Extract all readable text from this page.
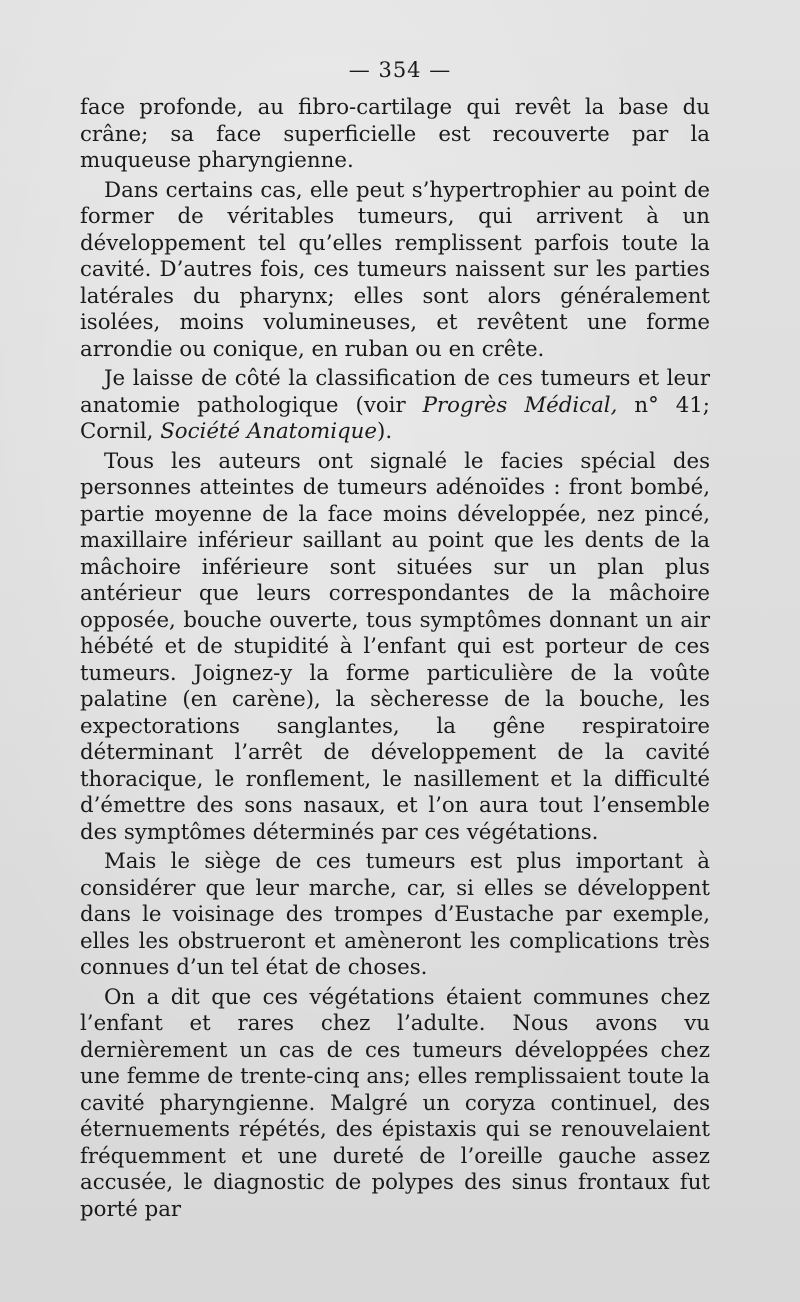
— 354 —

face profonde, au fibro-cartilage qui revêt la base du crâne; sa face superficielle est recouverte par la muqueuse pharyngienne.

Dans certains cas, elle peut s’hypertrophier au point de former de véritables tumeurs, qui arrivent à un développement tel qu’elles remplissent parfois toute la cavité. D’autres fois, ces tumeurs naissent sur les parties latérales du pharynx; elles sont alors généralement isolées, moins volumineuses, et revêtent une forme arrondie ou conique, en ruban ou en crête.

Je laisse de côté la classification de ces tumeurs et leur anatomie pathologique (voir Progrès Médical, n° 41; Cornil, Société Anatomique).

Tous les auteurs ont signalé le facies spécial des personnes atteintes de tumeurs adénoïdes : front bombé, partie moyenne de la face moins développée, nez pincé, maxillaire inférieur saillant au point que les dents de la mâchoire inférieure sont situées sur un plan plus antérieur que leurs correspondantes de la mâchoire opposée, bouche ouverte, tous symptômes donnant un air hébété et de stupidité à l’enfant qui est porteur de ces tumeurs. Joignez-y la forme particulière de la voûte palatine (en carène), la sècheresse de la bouche, les expectorations sanglantes, la gêne respiratoire déterminant l’arrêt de développement de la cavité thoracique, le ronflement, le nasillement et la difficulté d’émettre des sons nasaux, et l’on aura tout l’ensemble des symptômes déterminés par ces végétations.

Mais le siège de ces tumeurs est plus important à considérer que leur marche, car, si elles se développent dans le voisinage des trompes d’Eustache par exemple, elles les obstrueront et amèneront les complications très connues d’un tel état de choses.

On a dit que ces végétations étaient communes chez l’enfant et rares chez l’adulte. Nous avons vu dernièrement un cas de ces tumeurs développées chez une femme de trente-cinq ans; elles remplissaient toute la cavité pharyngienne. Malgré un coryza continuel, des éternuements répétés, des épistaxis qui se renouvelaient fréquemment et une dureté de l’oreille gauche assez accusée, le diagnostic de polypes des sinus frontaux fut porté par
